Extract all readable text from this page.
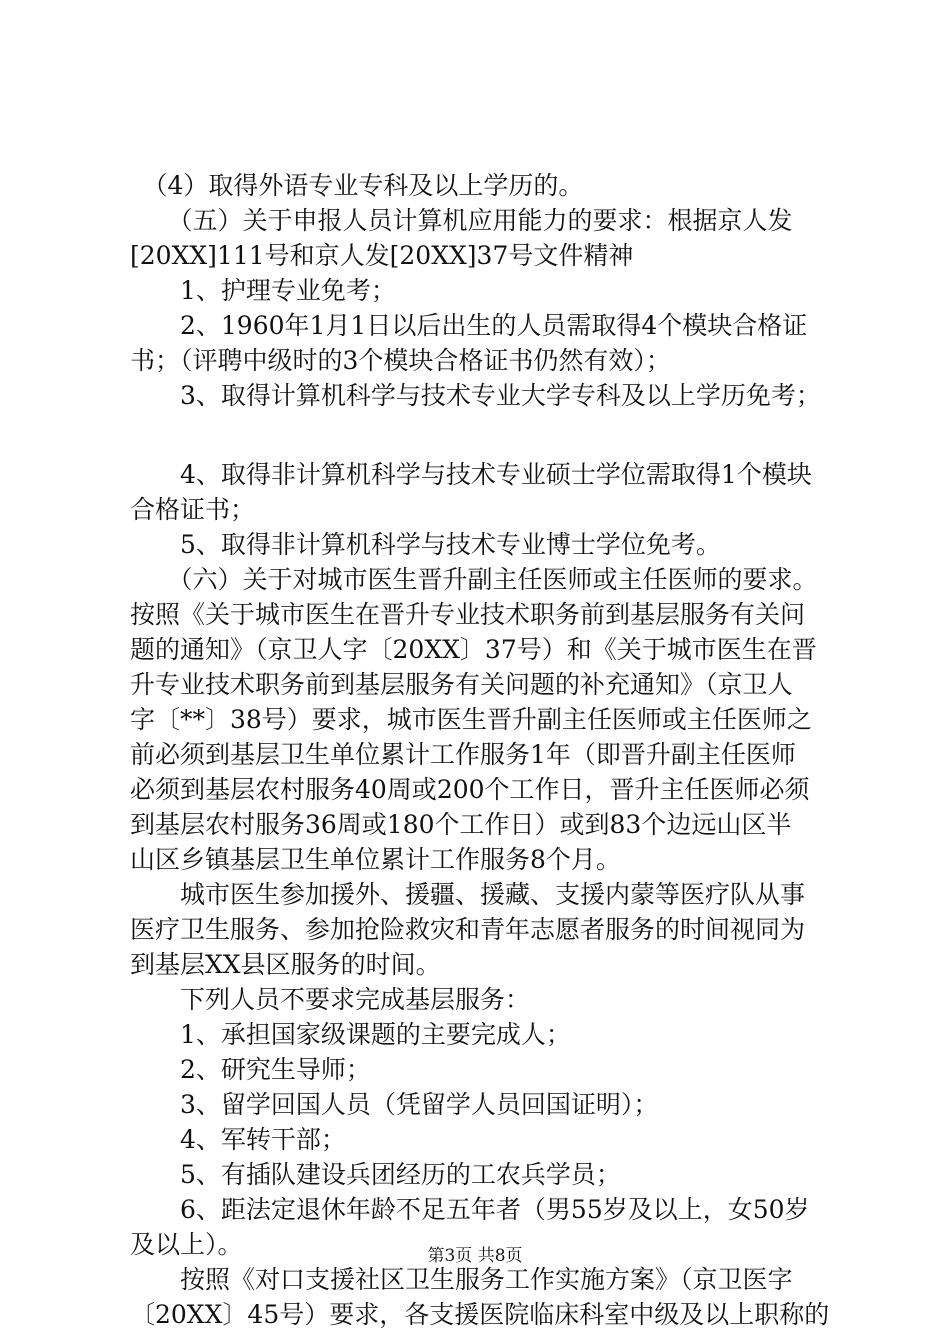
　（4）取得外语专业专科及以上学历的。
　　（五）关于申报人员计算机应用能力的要求：根据京人发
[20XX]111号和京人发[20XX]37号文件精神
　　1、护理专业免考；
　　2、1960年1月1日以后出生的人员需取得4个模块合格证
书；（评聘中级时的3个模块合格证书仍然有效）；
　　3、取得计算机科学与技术专业大学专科及以上学历免考；
　　4、取得非计算机科学与技术专业硕士学位需取得1个模块
合格证书；
　　5、取得非计算机科学与技术专业博士学位免考。
　　（六）关于对城市医生晋升副主任医师或主任医师的要求。
按照《关于城市医生在晋升专业技术职务前到基层服务有关问
题的通知》（京卫人字〔20XX〕37号）和《关于城市医生在晋
升专业技术职务前到基层服务有关问题的补充通知》（京卫人
字〔**〕38号）要求，城市医生晋升副主任医师或主任医师之
前必须到基层卫生单位累计工作服务1年（即晋升副主任医师
必须到基层农村服务40周或200个工作日，晋升主任医师必须
到基层农村服务36周或180个工作日）或到83个边远山区半
山区乡镇基层卫生单位累计工作服务8个月。
　　城市医生参加援外、援疆、援藏、支援内蒙等医疗队从事
医疗卫生服务、参加抢险救灾和青年志愿者服务的时间视同为
到基层XX县区服务的时间。
　　下列人员不要求完成基层服务：
　　1、承担国家级课题的主要完成人；
　　2、研究生导师；
　　3、留学回国人员（凭留学人员回国证明）；
　　4、军转干部；
　　5、有插队建设兵团经历的工农兵学员；
　　6、距法定退休年龄不足五年者（男55岁及以上，女50岁
及以上）。
　　按照《对口支援社区卫生服务工作实施方案》（京卫医字
〔20XX〕45号）要求，各支援医院临床科室中级及以上职称的
第3页 共8页
